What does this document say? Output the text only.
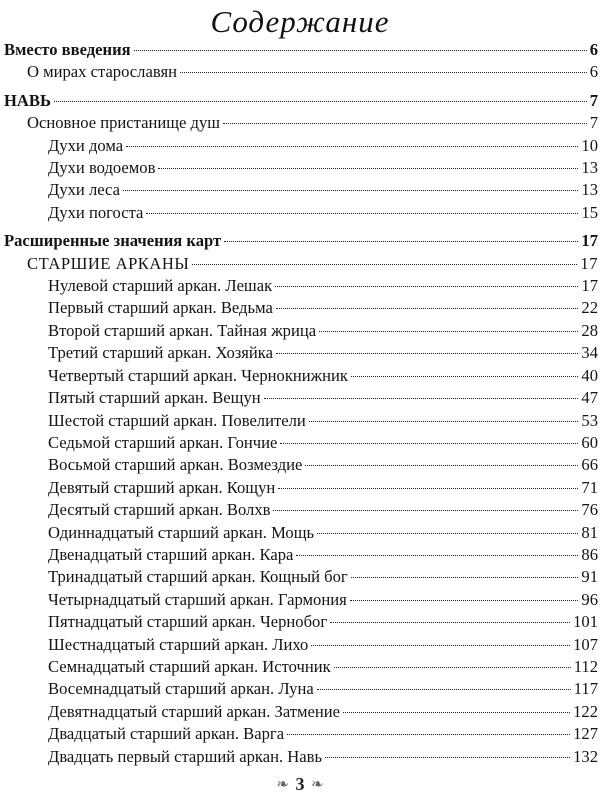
Содержание
Вместо введения	6
О мирах старославян	6
НАВЬ	7
Основное пристанище душ	7
Духи дома	10
Духи водоемов	13
Духи леса	13
Духи погоста	15
Расширенные значения карт	17
СТАРШИЕ АРКАНЫ	17
Нулевой старший аркан. Лешак	17
Первый старший аркан. Ведьма	22
Второй старший аркан. Тайная жрица	28
Третий старший аркан. Хозяйка	34
Четвертый старший аркан. Чернокнижник	40
Пятый старший аркан. Вещун	47
Шестой старший аркан. Повелители	53
Седьмой старший аркан. Гончие	60
Восьмой старший аркан. Возмездие	66
Девятый старший аркан. Кощун	71
Десятый старший аркан. Волхв	76
Одиннадцатый старший аркан. Мощь	81
Двенадцатый старший аркан. Кара	86
Тринадцатый старший аркан. Кощный бог	91
Четырнадцатый старший аркан. Гармония	96
Пятнадцатый старший аркан. Чернобог	101
Шестнадцатый старший аркан. Лихо	107
Семнадцатый старший аркан. Источник	112
Восемнадцатый старший аркан. Луна	117
Девятнадцатый старший аркан. Затмение	122
Двадцатый старший аркан. Варга	127
Двадцать первый старший аркан. Навь	132
❧ 3 ❧
